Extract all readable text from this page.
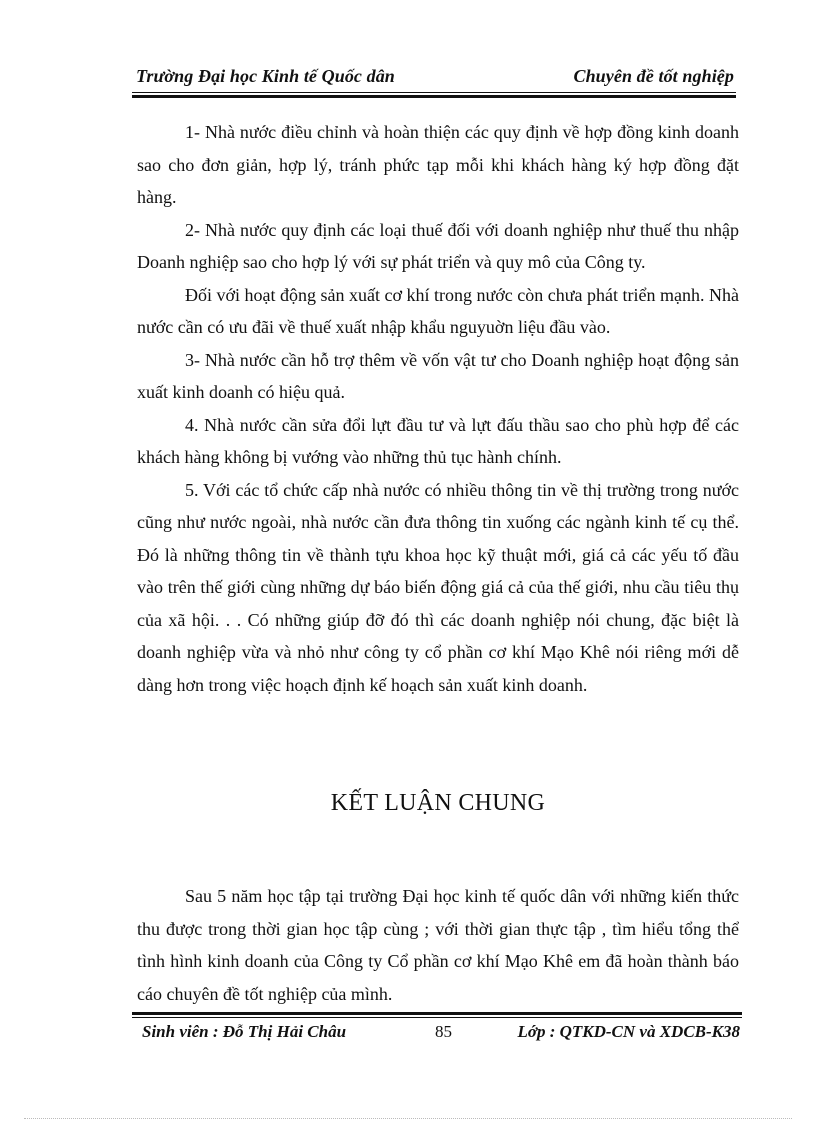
Trường Đại học Kinh tế Quốc dân	Chuyên đề tốt nghiệp

1- Nhà nước điều chỉnh và hoàn thiện các quy định về hợp đồng kinh doanh sao cho đơn giản, hợp lý, tránh phức tạp mỗi khi khách hàng ký hợp đồng đặt hàng.

2- Nhà nước quy định các loại thuế đối với doanh nghiệp như thuế thu nhập Doanh nghiệp sao cho hợp lý với sự phát triển và quy mô của Công ty.

Đối với hoạt động sản xuất cơ khí trong nước còn chưa phát triển mạnh. Nhà nước cần có ưu đãi về thuế xuất nhập khẩu nguyuờn liệu đầu vào.

3- Nhà nước cần hỗ trợ thêm về vốn vật tư cho Doanh nghiệp hoạt động sản xuất kinh doanh có hiệu quả.

4. Nhà nước cần sửa đổi lựt đầu tư và lựt đấu thầu sao cho phù hợp để các khách hàng không bị vướng vào những thủ tục hành chính.

5. Với các tổ chức cấp nhà nước có nhiều thông tin về thị trường trong nước cũng như nước ngoài, nhà nước cần đưa thông tin xuống các ngành kinh tế cụ thể. Đó là những thông tin về thành tựu khoa học kỹ thuật mới, giá cả các yếu tố đầu vào trên thế giới cùng những dự báo biến động giá cả của thế giới, nhu cầu tiêu thụ của xã hội. . . Có những giúp đỡ đó thì các doanh nghiệp nói chung, đặc biệt là doanh nghiệp vừa và nhỏ như công ty cổ phần cơ khí Mạo Khê nói riêng mới dễ dàng hơn trong việc hoạch định kế hoạch sản xuất kinh doanh.

KẾT LUẬN CHUNG

Sau 5 năm học tập tại trường Đại học kinh tế quốc dân với những kiến thức thu được trong thời gian học tập cùng ; với thời gian thực tập , tìm hiểu tổng thể tình hình kinh doanh của Công ty Cổ phần cơ khí Mạo Khê em đã hoàn thành báo cáo chuyên đề tốt nghiệp của mình.

Sinh viên : Đỗ Thị Hải Châu	85	Lớp : QTKD-CN và XDCB-K38
